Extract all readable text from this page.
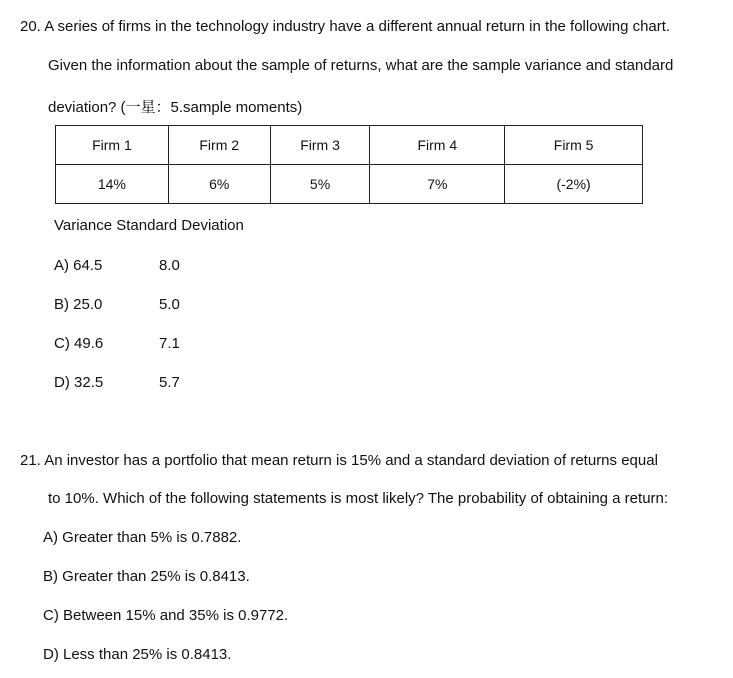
20. A series of firms in the technology industry have a different annual return in the following chart.
Given the information about the sample of returns, what are the sample variance and standard
deviation? (一星：5.sample moments)
Firm 1	Firm 2	Firm 3	Firm 4	Firm 5
14%	6%	5%	7%	(-2%)
Variance Standard Deviation
A) 64.5	8.0
B) 25.0	5.0
C) 49.6	7.1
D) 32.5	5.7
21. An investor has a portfolio that mean return is 15% and a standard deviation of returns equal
to 10%. Which of the following statements is most likely? The probability of obtaining a return:
A) Greater than 5% is 0.7882.
B) Greater than 25% is 0.8413.
C) Between 15% and 35% is 0.9772.
D) Less than 25% is 0.8413.
